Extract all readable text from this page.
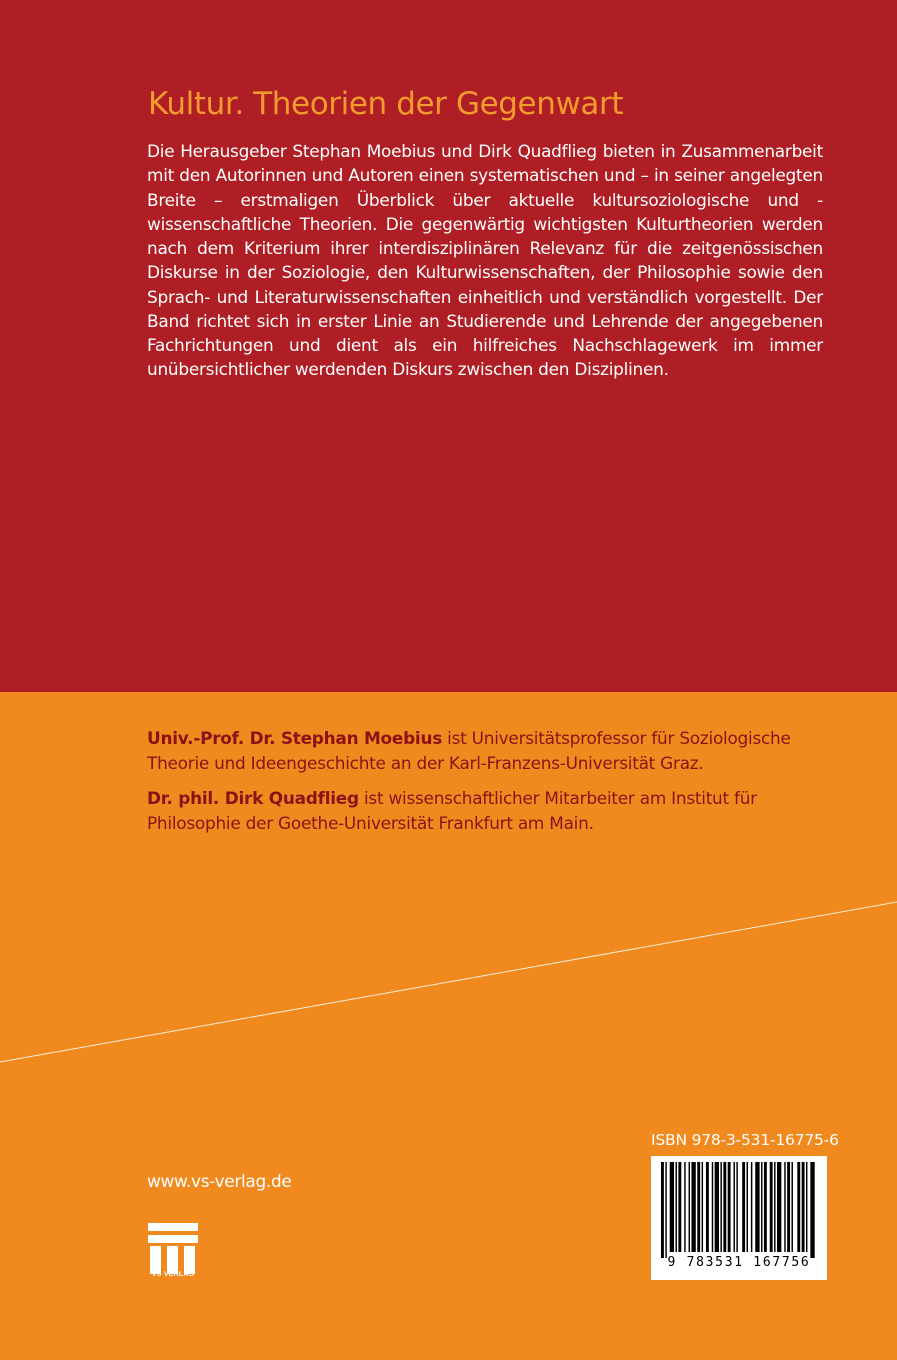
Kultur. Theorien der Gegenwart

Die Herausgeber Stephan Moebius und Dirk Quadflieg bieten in Zusammenarbeit mit den Autorinnen und Autoren einen systematischen und – in seiner angelegten Breite – erstmaligen Überblick über aktuelle kultursoziologische und -wissenschaftliche Theorien. Die gegenwärtig wichtigsten Kulturtheorien werden nach dem Kriterium ihrer interdisziplinären Relevanz für die zeitgenössischen Diskurse in der Soziologie, den Kulturwissenschaften, der Philosophie sowie den Sprach- und Literaturwissenschaften einheitlich und verständlich vorgestellt. Der Band richtet sich in erster Linie an Studierende und Lehrende der angegebenen Fachrichtungen und dient als ein hilfreiches Nachschlagewerk im immer unübersichtlicher werdenden Diskurs zwischen den Disziplinen.

Univ.-Prof. Dr. Stephan Moebius ist Universitätsprofessor für Soziologische Theorie und Ideengeschichte an der Karl-Franzens-Universität Graz.

Dr. phil. Dirk Quadflieg ist wissenschaftlicher Mitarbeiter am Institut für Philosophie der Goethe-Universität Frankfurt am Main.

www.vs-verlag.de
VS VERLAG
ISBN 978-3-531-16775-6
9 783531 167756
